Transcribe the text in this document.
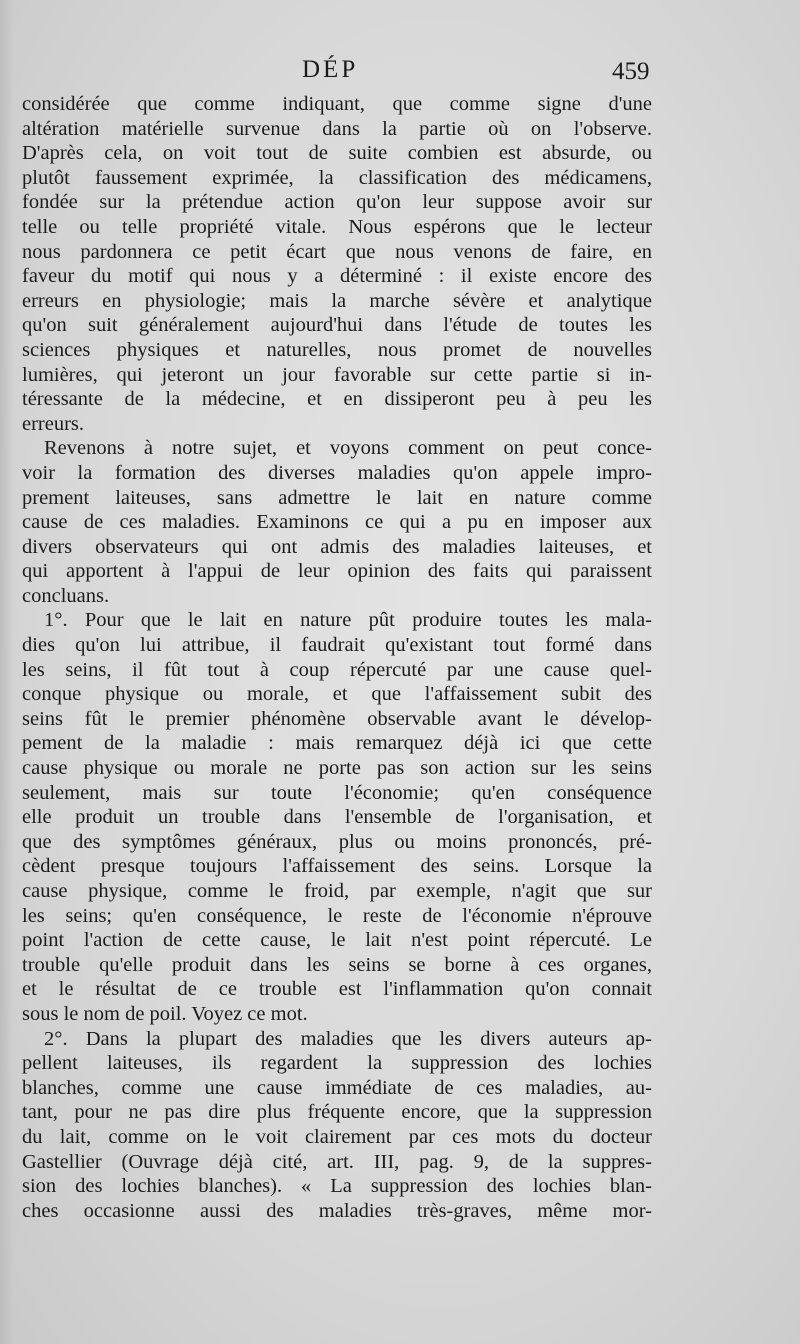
DÉP	459
considérée que comme indiquant, que comme signe d'une
altération matérielle survenue dans la partie où on l'observe.
D'après cela, on voit tout de suite combien est absurde, ou
plutôt faussement exprimée, la classification des médicamens,
fondée sur la prétendue action qu'on leur suppose avoir sur
telle ou telle propriété vitale. Nous espérons que le lecteur
nous pardonnera ce petit écart que nous venons de faire, en
faveur du motif qui nous y a déterminé : il existe encore des
erreurs en physiologie; mais la marche sévère et analytique
qu'on suit généralement aujourd'hui dans l'étude de toutes les
sciences physiques et naturelles, nous promet de nouvelles
lumières, qui jeteront un jour favorable sur cette partie si in-
téressante de la médecine, et en dissiperont peu à peu les
erreurs.
Revenons à notre sujet, et voyons comment on peut conce-
voir la formation des diverses maladies qu'on appele impro-
prement laiteuses, sans admettre le lait en nature comme
cause de ces maladies. Examinons ce qui a pu en imposer aux
divers observateurs qui ont admis des maladies laiteuses, et
qui apportent à l'appui de leur opinion des faits qui paraissent
concluans.
1°. Pour que le lait en nature pût produire toutes les mala-
dies qu'on lui attribue, il faudrait qu'existant tout formé dans
les seins, il fût tout à coup répercuté par une cause quel-
conque physique ou morale, et que l'affaissement subit des
seins fût le premier phénomène observable avant le dévelop-
pement de la maladie : mais remarquez déjà ici que cette
cause physique ou morale ne porte pas son action sur les seins
seulement, mais sur toute l'économie; qu'en conséquence
elle produit un trouble dans l'ensemble de l'organisation, et
que des symptômes généraux, plus ou moins prononcés, pré-
cèdent presque toujours l'affaissement des seins. Lorsque la
cause physique, comme le froid, par exemple, n'agit que sur
les seins; qu'en conséquence, le reste de l'économie n'éprouve
point l'action de cette cause, le lait n'est point répercuté. Le
trouble qu'elle produit dans les seins se borne à ces organes,
et le résultat de ce trouble est l'inflammation qu'on connait
sous le nom de poil. Voyez ce mot.
2°. Dans la plupart des maladies que les divers auteurs ap-
pellent laiteuses, ils regardent la suppression des lochies
blanches, comme une cause immédiate de ces maladies, au-
tant, pour ne pas dire plus fréquente encore, que la suppression
du lait, comme on le voit clairement par ces mots du docteur
Gastellier (Ouvrage déjà cité, art. III, pag. 9, de la suppres-
sion des lochies blanches). « La suppression des lochies blan-
ches occasionne aussi des maladies très-graves, même mor-
